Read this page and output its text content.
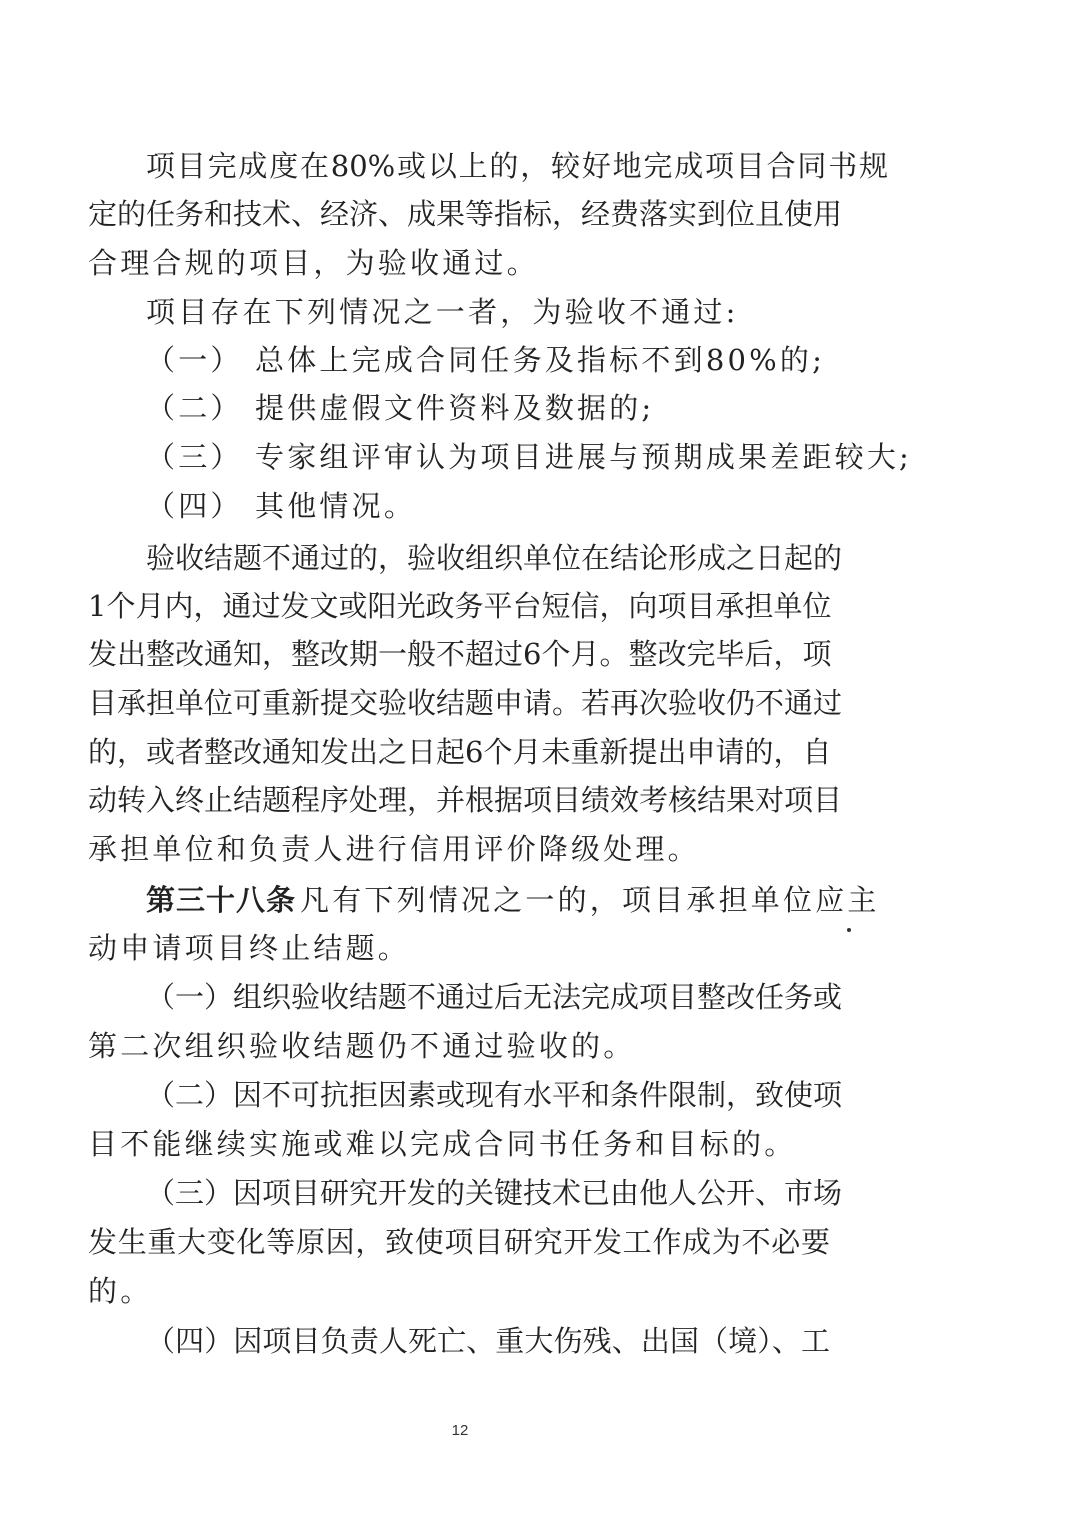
项目完成度在80%或以上的，较好地完成项目合同书规
定的任务和技术、经济、成果等指标，经费落实到位且使用
合理合规的项目，为验收通过。
项目存在下列情况之一者，为验收不通过:
（一） 总体上完成合同任务及指标不到80%的;
（二） 提供虚假文件资料及数据的;
（三） 专家组评审认为项目进展与预期成果差距较大;
（四） 其他情况。
验收结题不通过的，验收组织单位在结论形成之日起的
1个月内，通过发文或阳光政务平台短信，向项目承担单位
发出整改通知，整改期一般不超过6个月。整改完毕后，项
目承担单位可重新提交验收结题申请。若再次验收仍不通过
的，或者整改通知发出之日起6个月未重新提出申请的，自
动转入终止结题程序处理，并根据项目绩效考核结果对项目
承担单位和负责人进行信用评价降级处理。
第三十八条 凡有下列情况之一的，项目承担单位应主
动申请项目终止结题。
（一）组织验收结题不通过后无法完成项目整改任务或
第二次组织验收结题仍不通过验收的。
（二）因不可抗拒因素或现有水平和条件限制，致使项
目不能继续实施或难以完成合同书任务和目标的。
（三）因项目研究开发的关键技术已由他人公开、市场
发生重大变化等原因，致使项目研究开发工作成为不必要
的。
（四）因项目负责人死亡、重大伤残、出国（境）、工
12
